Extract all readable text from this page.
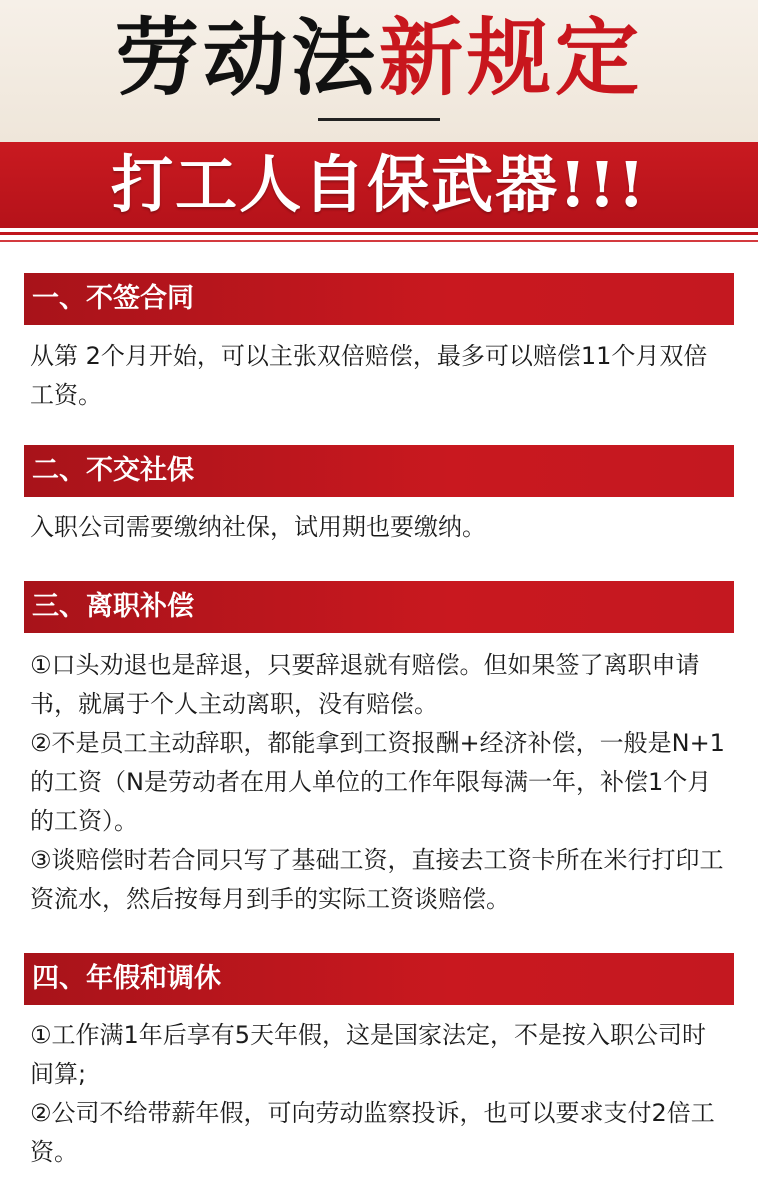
劳动法新规定
打工人自保武器!!!
一、不签合同

从第 2个月开始，可以主张双倍赔偿，最多可以赔偿11个月双倍工资。

二、不交社保

入职公司需要缴纳社保，试用期也要缴纳。

三、离职补偿

①口头劝退也是辞退，只要辞退就有赔偿。但如果签了离职申请书，就属于个人主动离职，没有赔偿。

②不是员工主动辞职，都能拿到工资报酬+经济补偿，一般是N+1的工资（N是劳动者在用人单位的工作年限每满一年，补偿1个月的工资）。

③谈赔偿时若合同只写了基础工资，直接去工资卡所在米行打印工资流水，然后按每月到手的实际工资谈赔偿。

四、年假和调休

①工作满1年后享有5天年假，这是国家法定，不是按入职公司时间算;

②公司不给带薪年假，可向劳动监察投诉，也可以要求支付2倍工资。
